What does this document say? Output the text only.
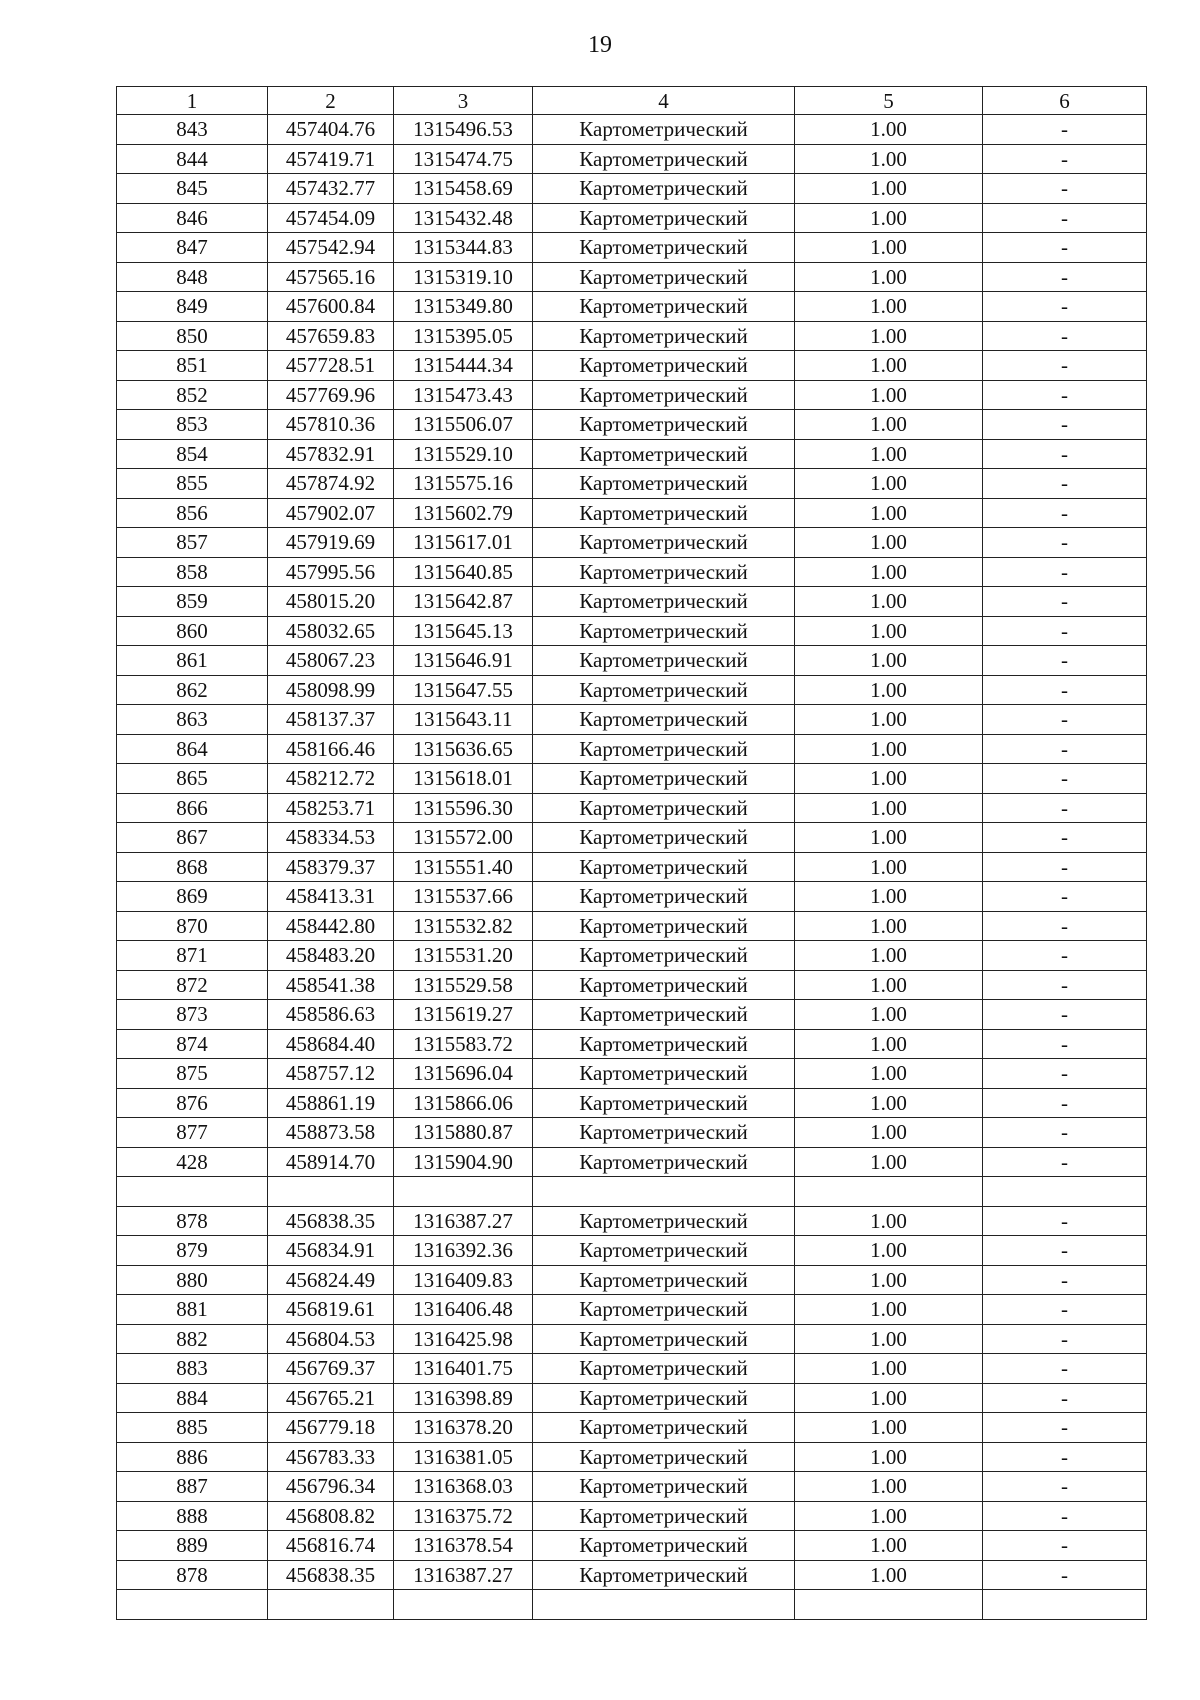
19
1	2	3	4	5	6
843	457404.76	1315496.53	Картометрический	1.00	-
844	457419.71	1315474.75	Картометрический	1.00	-
845	457432.77	1315458.69	Картометрический	1.00	-
846	457454.09	1315432.48	Картометрический	1.00	-
847	457542.94	1315344.83	Картометрический	1.00	-
848	457565.16	1315319.10	Картометрический	1.00	-
849	457600.84	1315349.80	Картометрический	1.00	-
850	457659.83	1315395.05	Картометрический	1.00	-
851	457728.51	1315444.34	Картометрический	1.00	-
852	457769.96	1315473.43	Картометрический	1.00	-
853	457810.36	1315506.07	Картометрический	1.00	-
854	457832.91	1315529.10	Картометрический	1.00	-
855	457874.92	1315575.16	Картометрический	1.00	-
856	457902.07	1315602.79	Картометрический	1.00	-
857	457919.69	1315617.01	Картометрический	1.00	-
858	457995.56	1315640.85	Картометрический	1.00	-
859	458015.20	1315642.87	Картометрический	1.00	-
860	458032.65	1315645.13	Картометрический	1.00	-
861	458067.23	1315646.91	Картометрический	1.00	-
862	458098.99	1315647.55	Картометрический	1.00	-
863	458137.37	1315643.11	Картометрический	1.00	-
864	458166.46	1315636.65	Картометрический	1.00	-
865	458212.72	1315618.01	Картометрический	1.00	-
866	458253.71	1315596.30	Картометрический	1.00	-
867	458334.53	1315572.00	Картометрический	1.00	-
868	458379.37	1315551.40	Картометрический	1.00	-
869	458413.31	1315537.66	Картометрический	1.00	-
870	458442.80	1315532.82	Картометрический	1.00	-
871	458483.20	1315531.20	Картометрический	1.00	-
872	458541.38	1315529.58	Картометрический	1.00	-
873	458586.63	1315619.27	Картометрический	1.00	-
874	458684.40	1315583.72	Картометрический	1.00	-
875	458757.12	1315696.04	Картометрический	1.00	-
876	458861.19	1315866.06	Картометрический	1.00	-
877	458873.58	1315880.87	Картометрический	1.00	-
428	458914.70	1315904.90	Картометрический	1.00	-

878	456838.35	1316387.27	Картометрический	1.00	-
879	456834.91	1316392.36	Картометрический	1.00	-
880	456824.49	1316409.83	Картометрический	1.00	-
881	456819.61	1316406.48	Картометрический	1.00	-
882	456804.53	1316425.98	Картометрический	1.00	-
883	456769.37	1316401.75	Картометрический	1.00	-
884	456765.21	1316398.89	Картометрический	1.00	-
885	456779.18	1316378.20	Картометрический	1.00	-
886	456783.33	1316381.05	Картометрический	1.00	-
887	456796.34	1316368.03	Картометрический	1.00	-
888	456808.82	1316375.72	Картометрический	1.00	-
889	456816.74	1316378.54	Картометрический	1.00	-
878	456838.35	1316387.27	Картометрический	1.00	-
